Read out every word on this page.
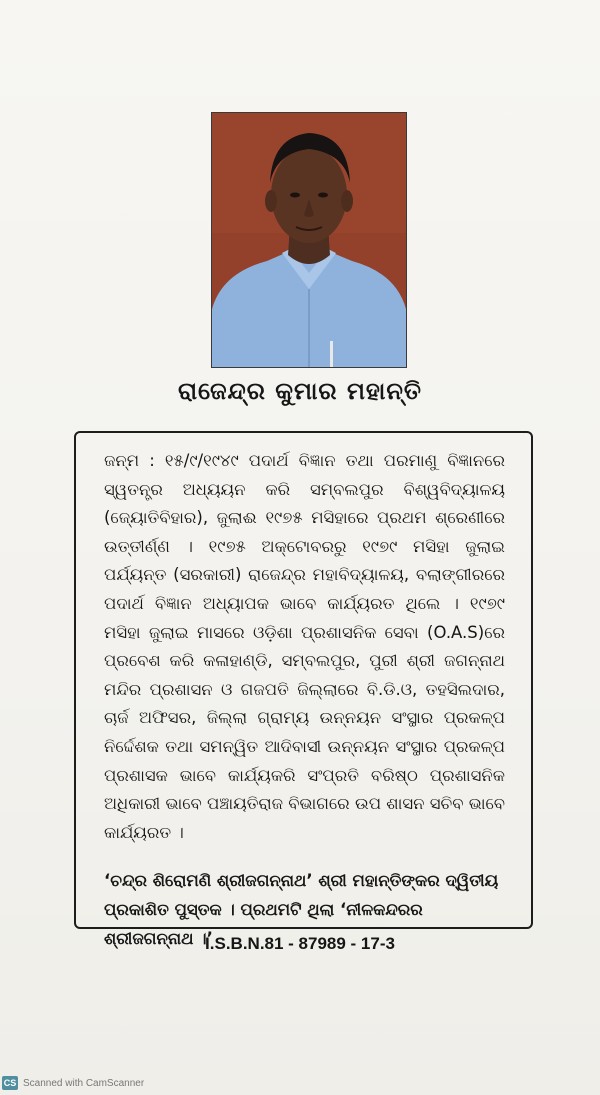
ରାଜେନ୍ଦ୍ର କୁମାର ମହାନ୍ତି

ଜନ୍ମ : ୧୫/୯/୧୯୪୯ ପଦାର୍ଥ ବିଜ୍ଞାନ ତଥା ପରମାଣୁ ବିଜ୍ଞାନରେ ସ୍ୱତନ୍ତ୍ର ଅଧ୍ୟୟନ କରି ସମ୍ବଲପୁର ବିଶ୍ୱବିଦ୍ୟାଳୟ (ଜ୍ୟୋତିବିହାର), ଜୁଲାଈ ୧୯୭୫ ମସିହାରେ ପ୍ରଥମ ଶ୍ରେଣୀରେ ଉତ୍ତୀର୍ଣ୍ଣ । ୧୯୭୫ ଅକ୍ଟୋବରରୁ ୧୯୭୯ ମସିହା ଜୁଲାଇ ପର୍ଯ୍ୟନ୍ତ (ସରକାରୀ) ରାଜେନ୍ଦ୍ର ମହାବିଦ୍ୟାଳୟ, ବଲାଙ୍ଗୀରରେ ପଦାର୍ଥ ବିଜ୍ଞାନ ଅଧ୍ୟାପକ ଭାବେ କାର୍ଯ୍ୟରତ ଥିଲେ । ୧୯୭୯ ମସିହା ଜୁଲାଇ ମାସରେ ଓଡ଼ିଶା ପ୍ରଶାସନିକ ସେବା (O.A.S)ରେ ପ୍ରବେଶ କରି କଳାହାଣ୍ଡି, ସମ୍ବଲପୁର, ପୁରୀ ଶ୍ରୀ ଜଗନ୍ନାଥ ମନ୍ଦିର ପ୍ରଶାସନ ଓ ଗଜପତି ଜିଲ୍ଲାରେ ବି.ଡି.ଓ, ତହସିଲଦାର, ଚାର୍ଜ ଅଫିସର, ଜିଲ୍ଲା ଗ୍ରାମ୍ୟ ଉନ୍ନୟନ ସଂସ୍ଥାର ପ୍ରକଳ୍ପ ନିର୍ଦ୍ଦେଶକ ତଥା ସମନ୍ୱିତ ଆଦିବାସୀ ଉନ୍ନୟନ ସଂସ୍ଥାର ପ୍ରକଳ୍ପ ପ୍ରଶାସକ ଭାବେ କାର୍ଯ୍ୟକରି ସଂପ୍ରତି ବରିଷ୍ଠ ପ୍ରଶାସନିକ ଅଧିକାରୀ ଭାବେ ପଞ୍ଚାୟତିରାଜ ବିଭାଗରେ ଉପ ଶାସନ ସଚିବ ଭାବେ କାର୍ଯ୍ୟରତ ।

‘ଚନ୍ଦ୍ର ଶିରୋମଣି ଶ୍ରୀଜଗନ୍ନାଥ’ ଶ୍ରୀ ମହାନ୍ତିଙ୍କର ଦ୍ୱିତୀୟ ପ୍ରକାଶିତ ପୁସ୍ତକ । ପ୍ରଥମଟି ଥିଲା ‘ନୀଳକନ୍ଦରର ଶ୍ରୀଜଗନ୍ନାଥ ।’

I.S.B.N.81 - 87989 - 17-3
CS Scanned with CamScanner
